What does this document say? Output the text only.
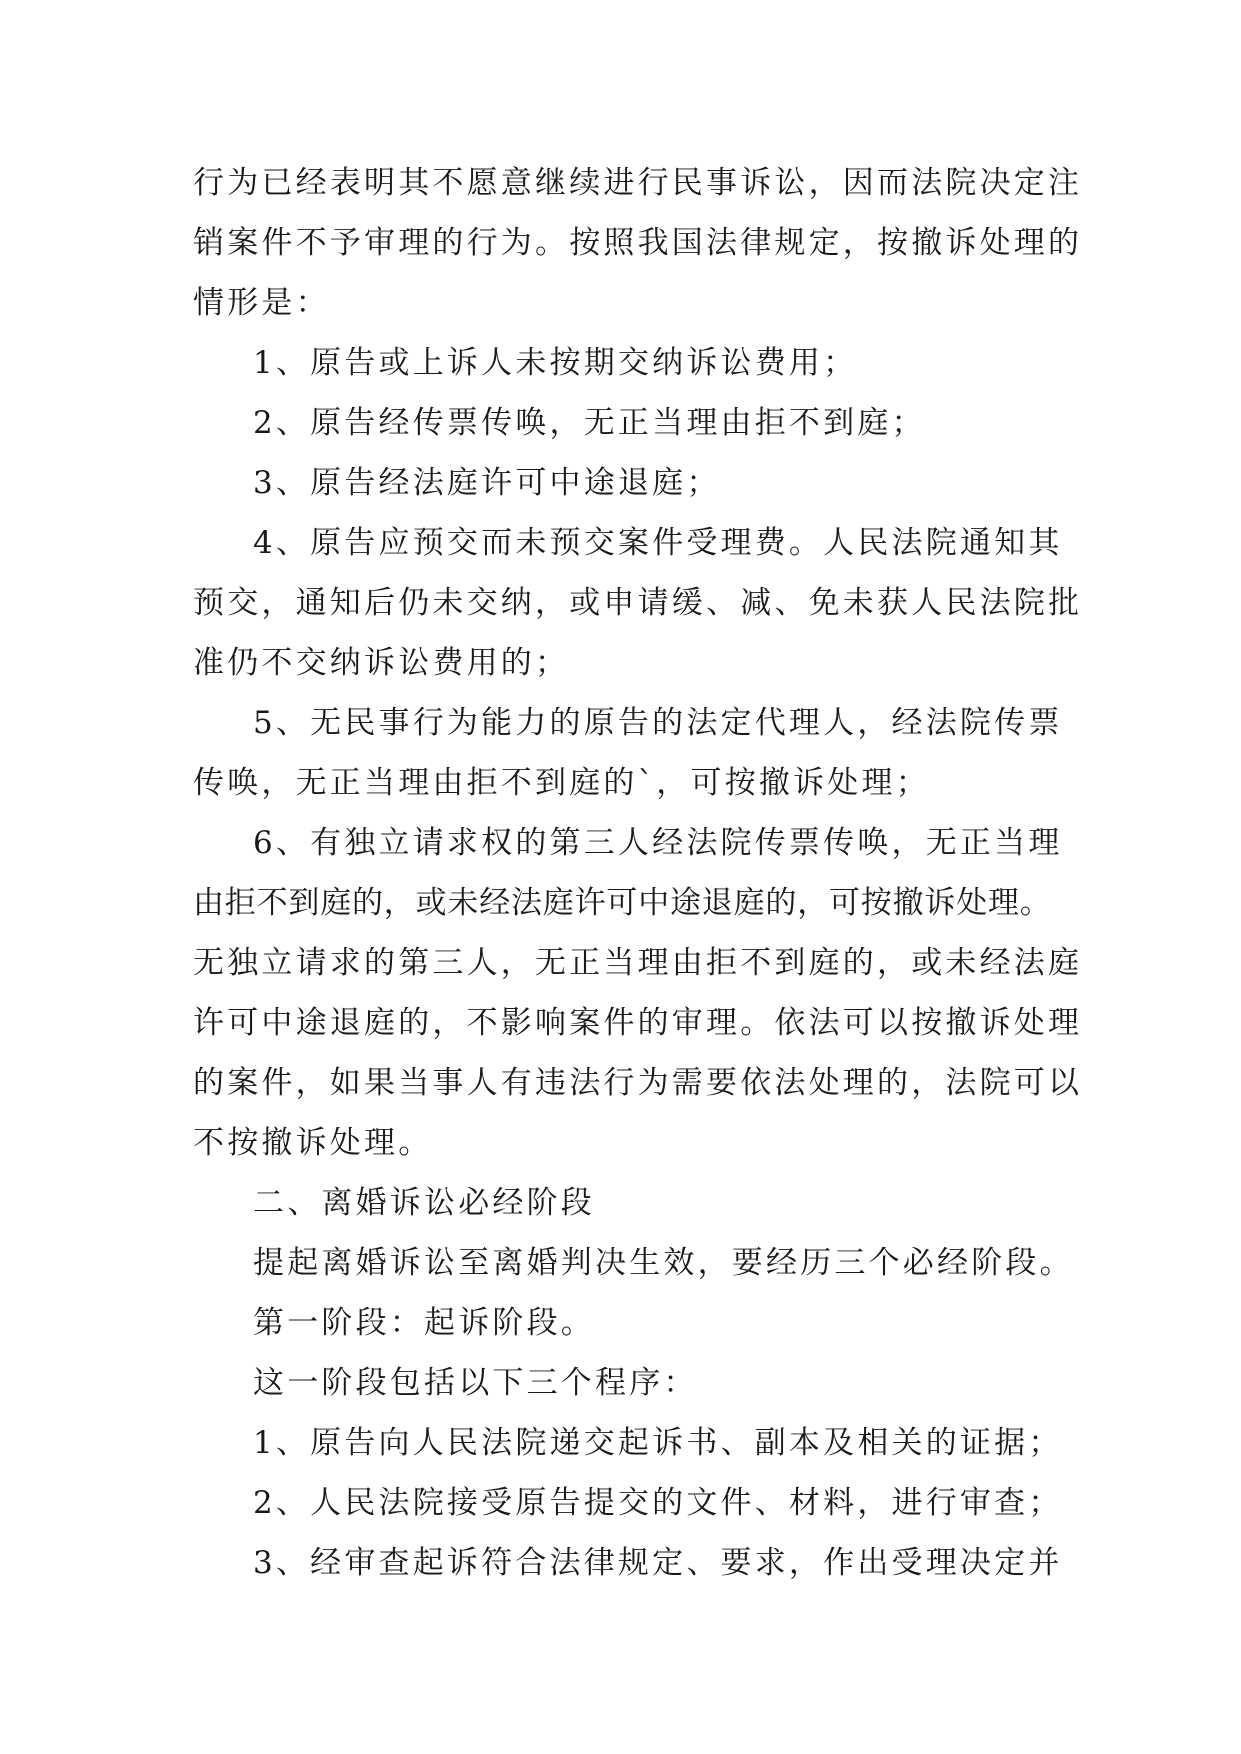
行为已经表明其不愿意继续进行民事诉讼，因而法院决定注
销案件不予审理的行为。按照我国法律规定，按撤诉处理的
情形是：
1、原告或上诉人未按期交纳诉讼费用；
2、原告经传票传唤，无正当理由拒不到庭；
3、原告经法庭许可中途退庭；
4、原告应预交而未预交案件受理费。人民法院通知其
预交，通知后仍未交纳，或申请缓、减、免未获人民法院批
准仍不交纳诉讼费用的；
5、无民事行为能力的原告的法定代理人，经法院传票
传唤，无正当理由拒不到庭的`，可按撤诉处理；
6、有独立请求权的第三人经法院传票传唤，无正当理
由拒不到庭的，或未经法庭许可中途退庭的，可按撤诉处理。
无独立请求的第三人，无正当理由拒不到庭的，或未经法庭
许可中途退庭的，不影响案件的审理。依法可以按撤诉处理
的案件，如果当事人有违法行为需要依法处理的，法院可以
不按撤诉处理。
二、离婚诉讼必经阶段
提起离婚诉讼至离婚判决生效，要经历三个必经阶段。
第一阶段：起诉阶段。
这一阶段包括以下三个程序：
1、原告向人民法院递交起诉书、副本及相关的证据；
2、人民法院接受原告提交的文件、材料，进行审查；
3、经审查起诉符合法律规定、要求，作出受理决定并
